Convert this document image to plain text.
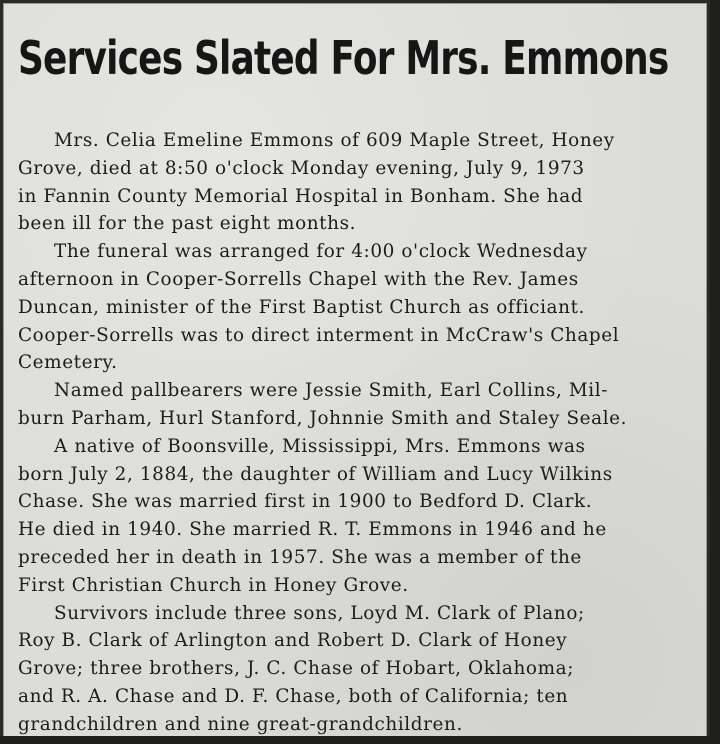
Services Slated For Mrs. Emmons
Mrs. Celia Emeline Emmons of 609 Maple Street, Honey
Grove, died at 8:50 o'clock Monday evening, July 9, 1973
in Fannin County Memorial Hospital in Bonham. She had
been ill for the past eight months.
The funeral was arranged for 4:00 o'clock Wednesday
afternoon in Cooper-Sorrells Chapel with the Rev. James
Duncan, minister of the First Baptist Church as officiant.
Cooper-Sorrells was to direct interment in McCraw's Chapel
Cemetery.
Named pallbearers were Jessie Smith, Earl Collins, Mil-
burn Parham, Hurl Stanford, Johnnie Smith and Staley Seale.
A native of Boonsville, Mississippi, Mrs. Emmons was
born July 2, 1884, the daughter of William and Lucy Wilkins
Chase. She was married first in 1900 to Bedford D. Clark.
He died in 1940. She married R. T. Emmons in 1946 and he
preceded her in death in 1957. She was a member of the
First Christian Church in Honey Grove.
Survivors include three sons, Loyd M. Clark of Plano;
Roy B. Clark of Arlington and Robert D. Clark of Honey
Grove; three brothers, J. C. Chase of Hobart, Oklahoma;
and R. A. Chase and D. F. Chase, both of California; ten
grandchildren and nine great-grandchildren.
